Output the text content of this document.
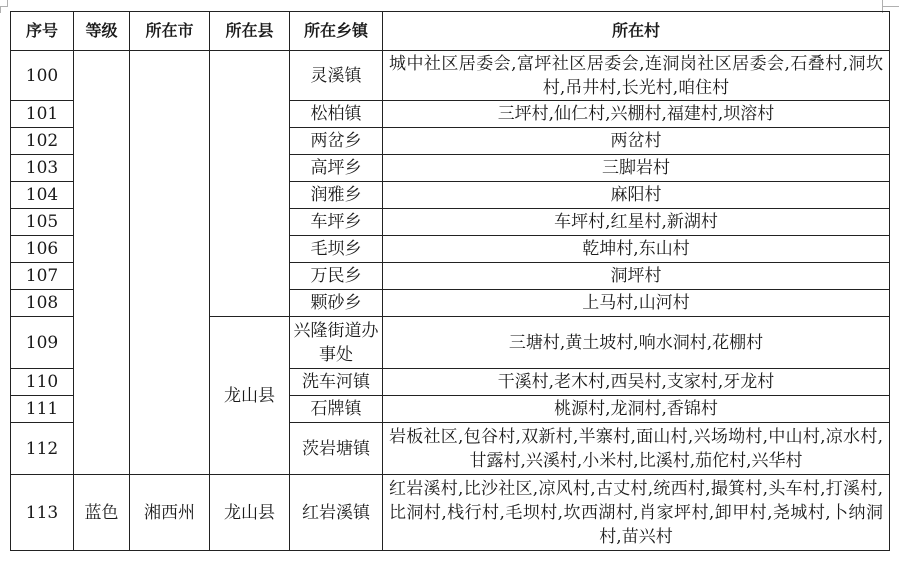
序号	等级	所在市	所在县	所在乡镇	所在村
100				灵溪镇	城中社区居委会,富坪社区居委会,连洞岗社区居委会,石叠村,洞坎村,吊井村,长光村,咱住村
101				松柏镇	三坪村,仙仁村,兴棚村,福建村,坝溶村
102				两岔乡	两岔村
103				高坪乡	三脚岩村
104				润雅乡	麻阳村
105				车坪乡	车坪村,红星村,新湖村
106				毛坝乡	乾坤村,东山村
107				万民乡	洞坪村
108				颗砂乡	上马村,山河村
109			龙山县	兴隆街道办事处	三塘村,黄土坡村,响水洞村,花棚村
110				洗车河镇	干溪村,老木村,西吴村,支家村,牙龙村
111				石牌镇	桃源村,龙洞村,香锦村
112				茨岩塘镇	岩板社区,包谷村,双新村,半寨村,面山村,兴场坳村,中山村,凉水村,甘露村,兴溪村,小米村,比溪村,茄佗村,兴华村
113	蓝色	湘西州	龙山县	红岩溪镇	红岩溪村,比沙社区,凉风村,古丈村,统西村,撮箕村,头车村,打溪村,比洞村,栈行村,毛坝村,坎西湖村,肖家坪村,卸甲村,尧城村,卜纳洞村,苗兴村
